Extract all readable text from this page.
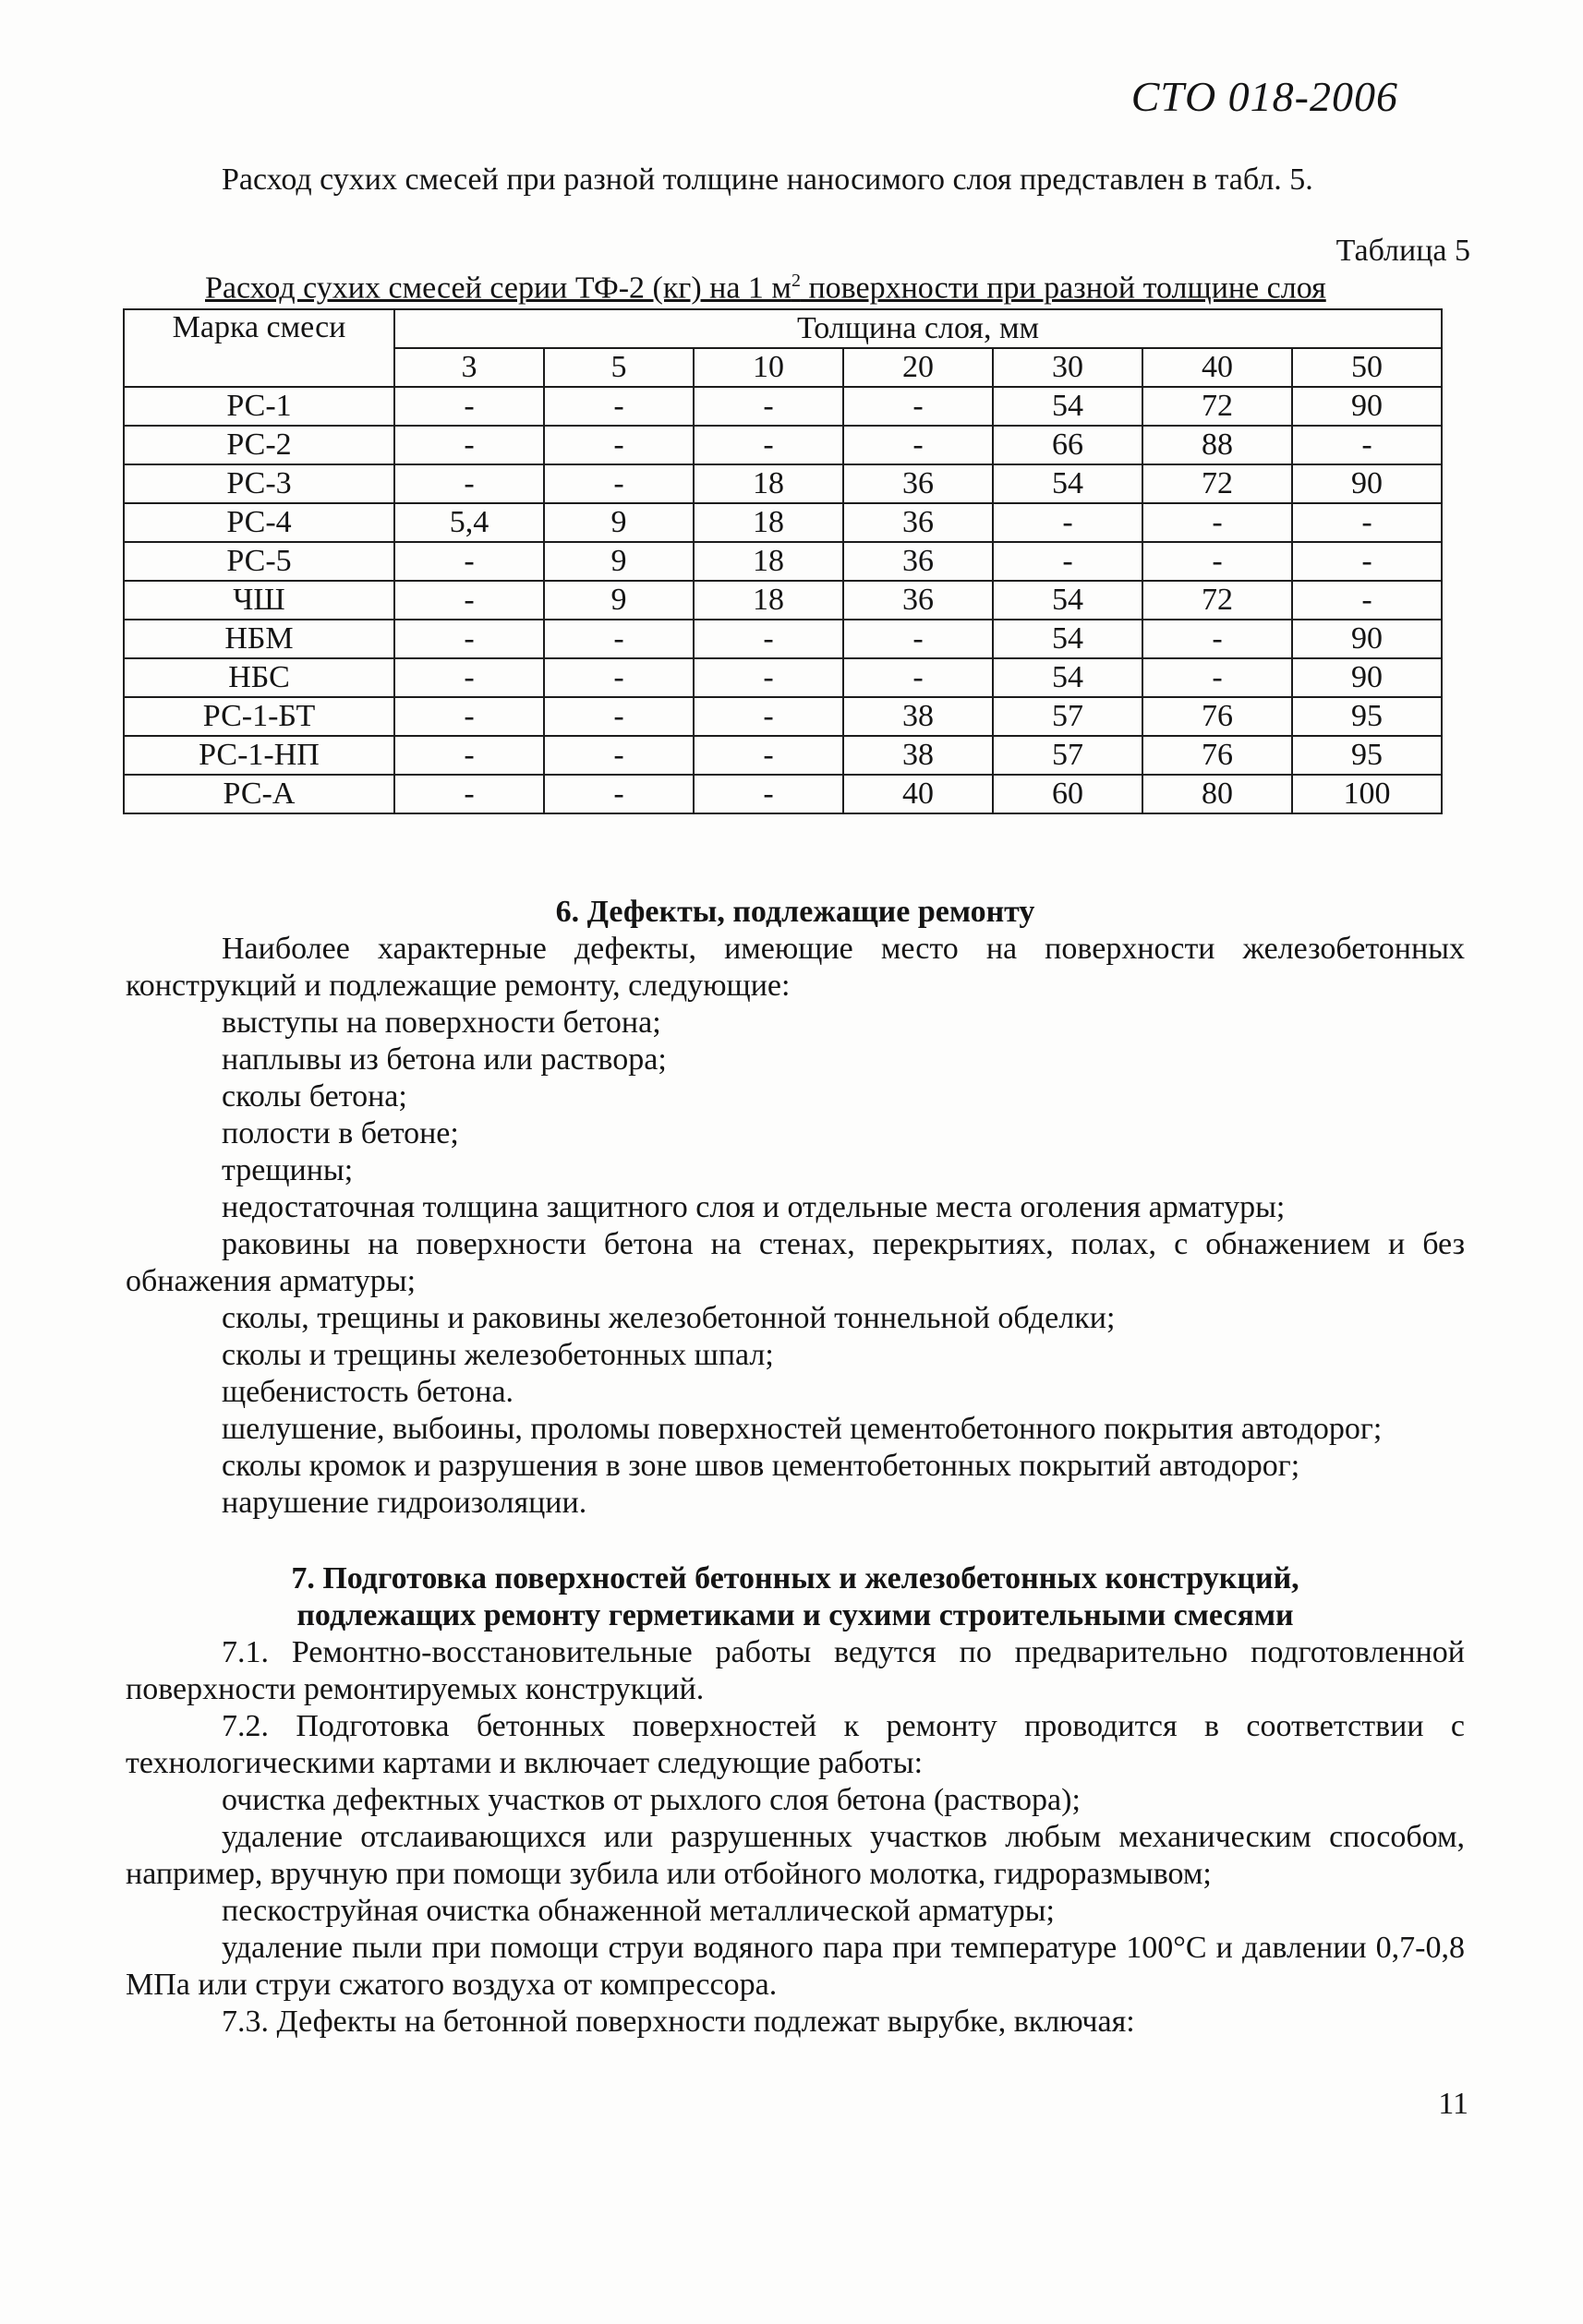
СТО 018-2006

Расход сухих смесей при разной толщине наносимого слоя представлен в табл. 5.

Таблица 5
Расход сухих смесей серии ТФ-2 (кг) на 1 $м^2$ поверхности при разной толщине слоя
Марка смеси	Толщина слоя, мм						
	3	5	10	20	30	40	50
РС-1	-	-	-	-	54	72	90
РС-2	-	-	-	-	66	88	-
РС-3	-	-	18	36	54	72	90
РС-4	5,4	9	18	36	-	-	-
РС-5	-	9	18	36	-	-	-
ЧШ	-	9	18	36	54	72	-
НБМ	-	-	-	-	54	-	90
НБС	-	-	-	-	54	-	90
РС-1-БТ	-	-	-	38	57	76	95
РС-1-НП	-	-	-	38	57	76	95
РС-А	-	-	-	40	60	80	100

6. Дефекты, подлежащие ремонту

Наиболее характерные дефекты, имеющие место на поверхности железобетонных конструкций и подлежащие ремонту, следующие:

выступы на поверхности бетона;

наплывы из бетона или раствора;

сколы бетона;

полости в бетоне;

трещины;

недостаточная толщина защитного слоя и отдельные места оголения арматуры;

раковины на поверхности бетона на стенах, перекрытиях, полах, с обнажением и без обнажения арматуры;

сколы, трещины и раковины железобетонной тоннельной обделки;

сколы и трещины железобетонных шпал;

щебенистость бетона.

шелушение, выбоины, проломы поверхностей цементобетонного покрытия автодорог;

сколы кромок и разрушения в зоне швов цементобетонных покрытий автодорог;

нарушение гидроизоляции.

7. Подготовка поверхностей бетонных и железобетонных конструкций,

подлежащих ремонту герметиками и сухими строительными смесями

7.1. Ремонтно-восстановительные работы ведутся по предварительно подготовленной поверхности ремонтируемых конструкций.

7.2. Подготовка бетонных поверхностей к ремонту проводится в соответствии с технологическими картами и включает следующие работы:

очистка дефектных участков от рыхлого слоя бетона (раствора);

удаление отслаивающихся или разрушенных участков любым механическим способом, например, вручную при помощи зубила или отбойного молотка, гидроразмывом;

пескоструйная очистка обнаженной металлической арматуры;

удаление пыли при помощи струи водяного пара при температуре 100°С и давлении 0,7-0,8 МПа или струи сжатого воздуха от компрессора.

7.3. Дефекты на бетонной поверхности подлежат вырубке, включая:

11
